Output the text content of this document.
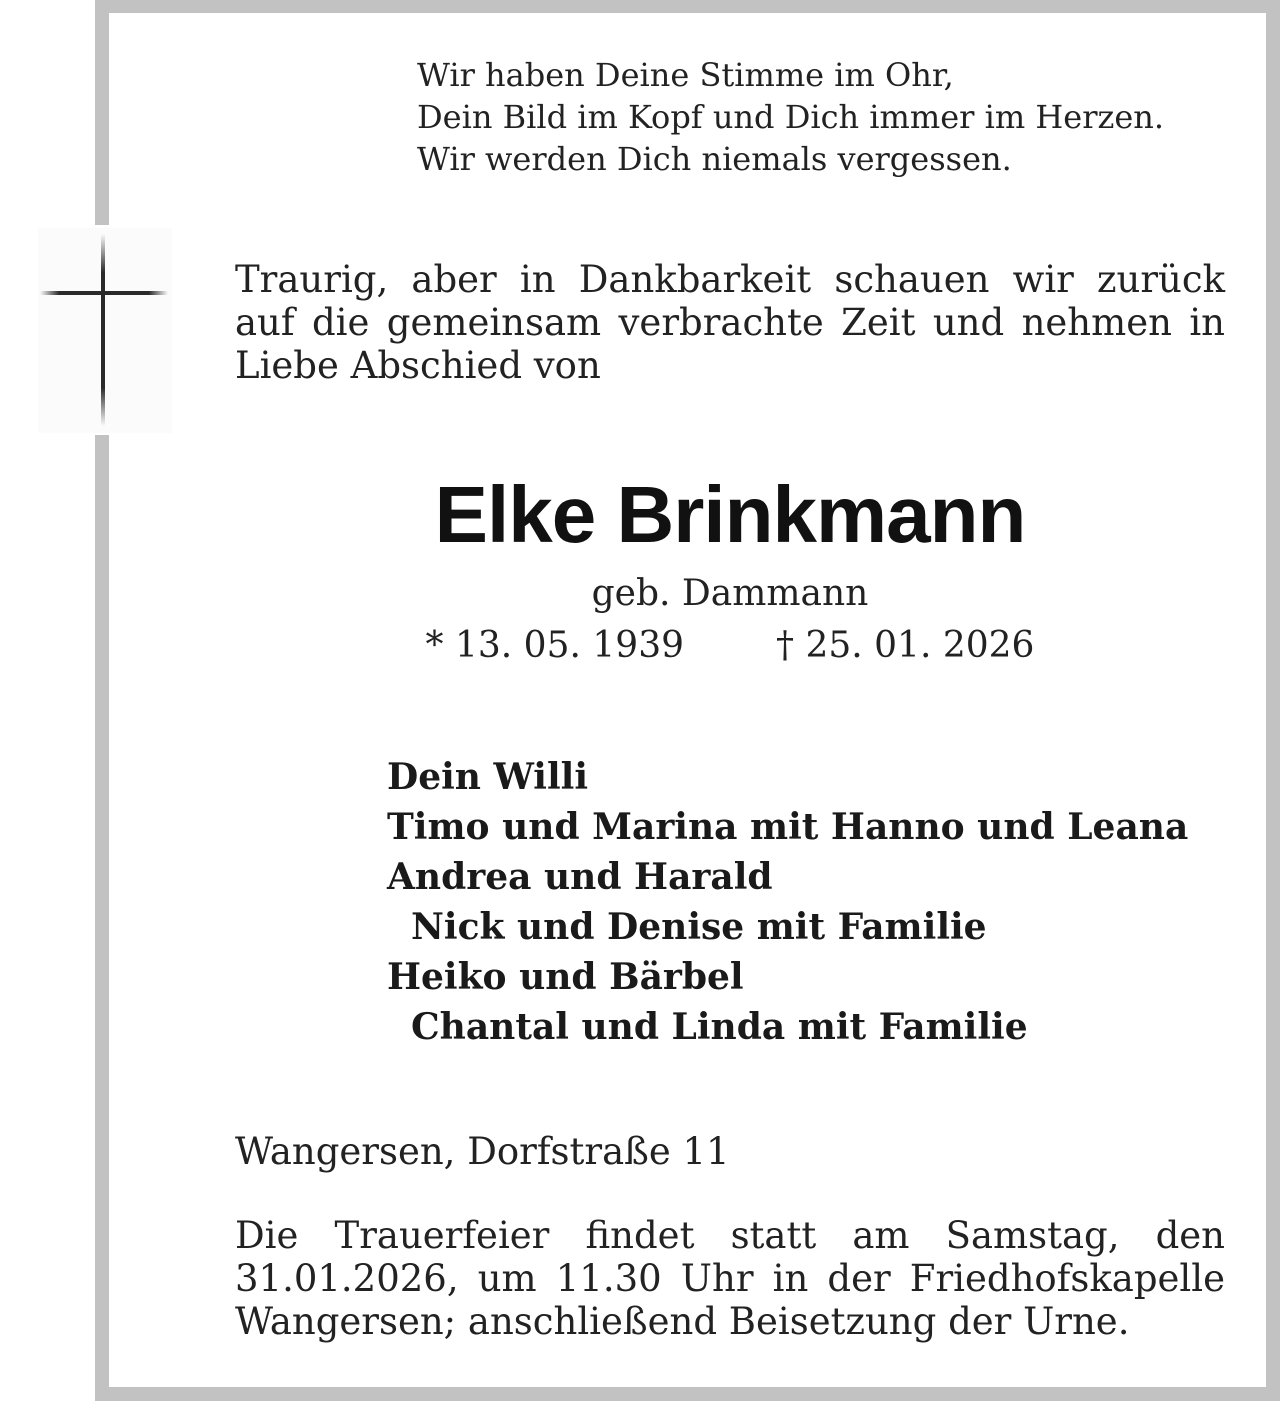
Wir haben Deine Stimme im Ohr,
Dein Bild im Kopf und Dich immer im Herzen.
Wir werden Dich niemals vergessen.
Traurig, aber in Dankbarkeit schauen wir zurück auf die gemeinsam verbrachte Zeit und nehmen in Liebe Abschied von
Elke Brinkmann
geb. Dammann
* 13. 05. 1939	† 25. 01. 2026
Dein Willi
Timo und Marina mit Hanno und Leana
Andrea und Harald
Nick und Denise mit Familie
Heiko und Bärbel
Chantal und Linda mit Familie
Wangersen, Dorfstraße 11
Die Trauerfeier findet statt am Samstag, den 31.01.2026, um 11.30 Uhr in der Friedhofskapelle Wangersen; anschließend Beisetzung der Urne.
